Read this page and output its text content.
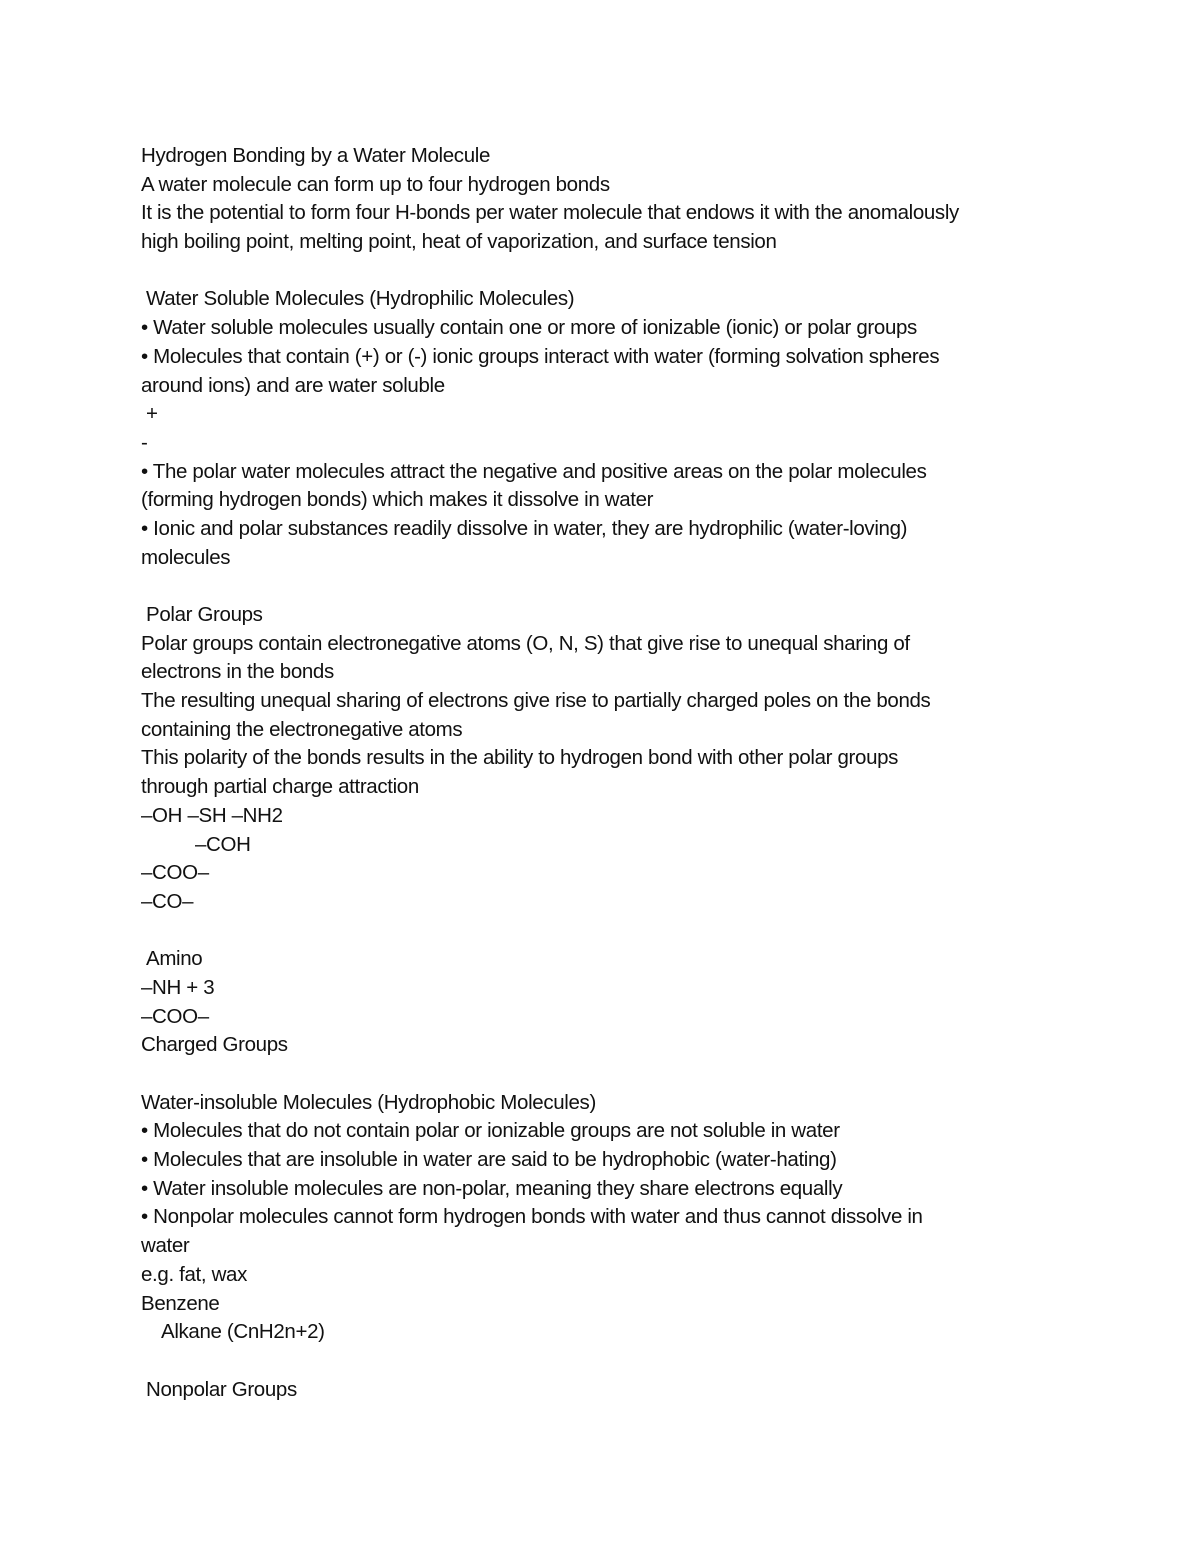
Hydrogen Bonding by a Water Molecule
A water molecule can form up to four hydrogen bonds
It is the potential to form four H-bonds per water molecule that endows it with the anomalously
high boiling point, melting point, heat of vaporization, and surface tension
Water Soluble Molecules (Hydrophilic Molecules)
• Water soluble molecules usually contain one or more of ionizable (ionic) or polar groups
• Molecules that contain (+) or (-) ionic groups interact with water (forming solvation spheres
around ions) and are water soluble
+
-
• The polar water molecules attract the negative and positive areas on the polar molecules
(forming hydrogen bonds) which makes it dissolve in water
• Ionic and polar substances readily dissolve in water, they are hydrophilic (water-loving)
molecules
Polar Groups
Polar groups contain electronegative atoms (O, N, S) that give rise to unequal sharing of
electrons in the bonds
The resulting unequal sharing of electrons give rise to partially charged poles on the bonds
containing the electronegative atoms
This polarity of the bonds results in the ability to hydrogen bond with other polar groups
through partial charge attraction
–OH –SH –NH2
–COH
–COO–
–CO–
Amino
–NH + 3
–COO–
Charged Groups
Water-insoluble Molecules (Hydrophobic Molecules)
• Molecules that do not contain polar or ionizable groups are not soluble in water
• Molecules that are insoluble in water are said to be hydrophobic (water-hating)
• Water insoluble molecules are non-polar, meaning they share electrons equally
• Nonpolar molecules cannot form hydrogen bonds with water and thus cannot dissolve in
water
e.g. fat, wax
Benzene
Alkane (CnH2n+2)
Nonpolar Groups
